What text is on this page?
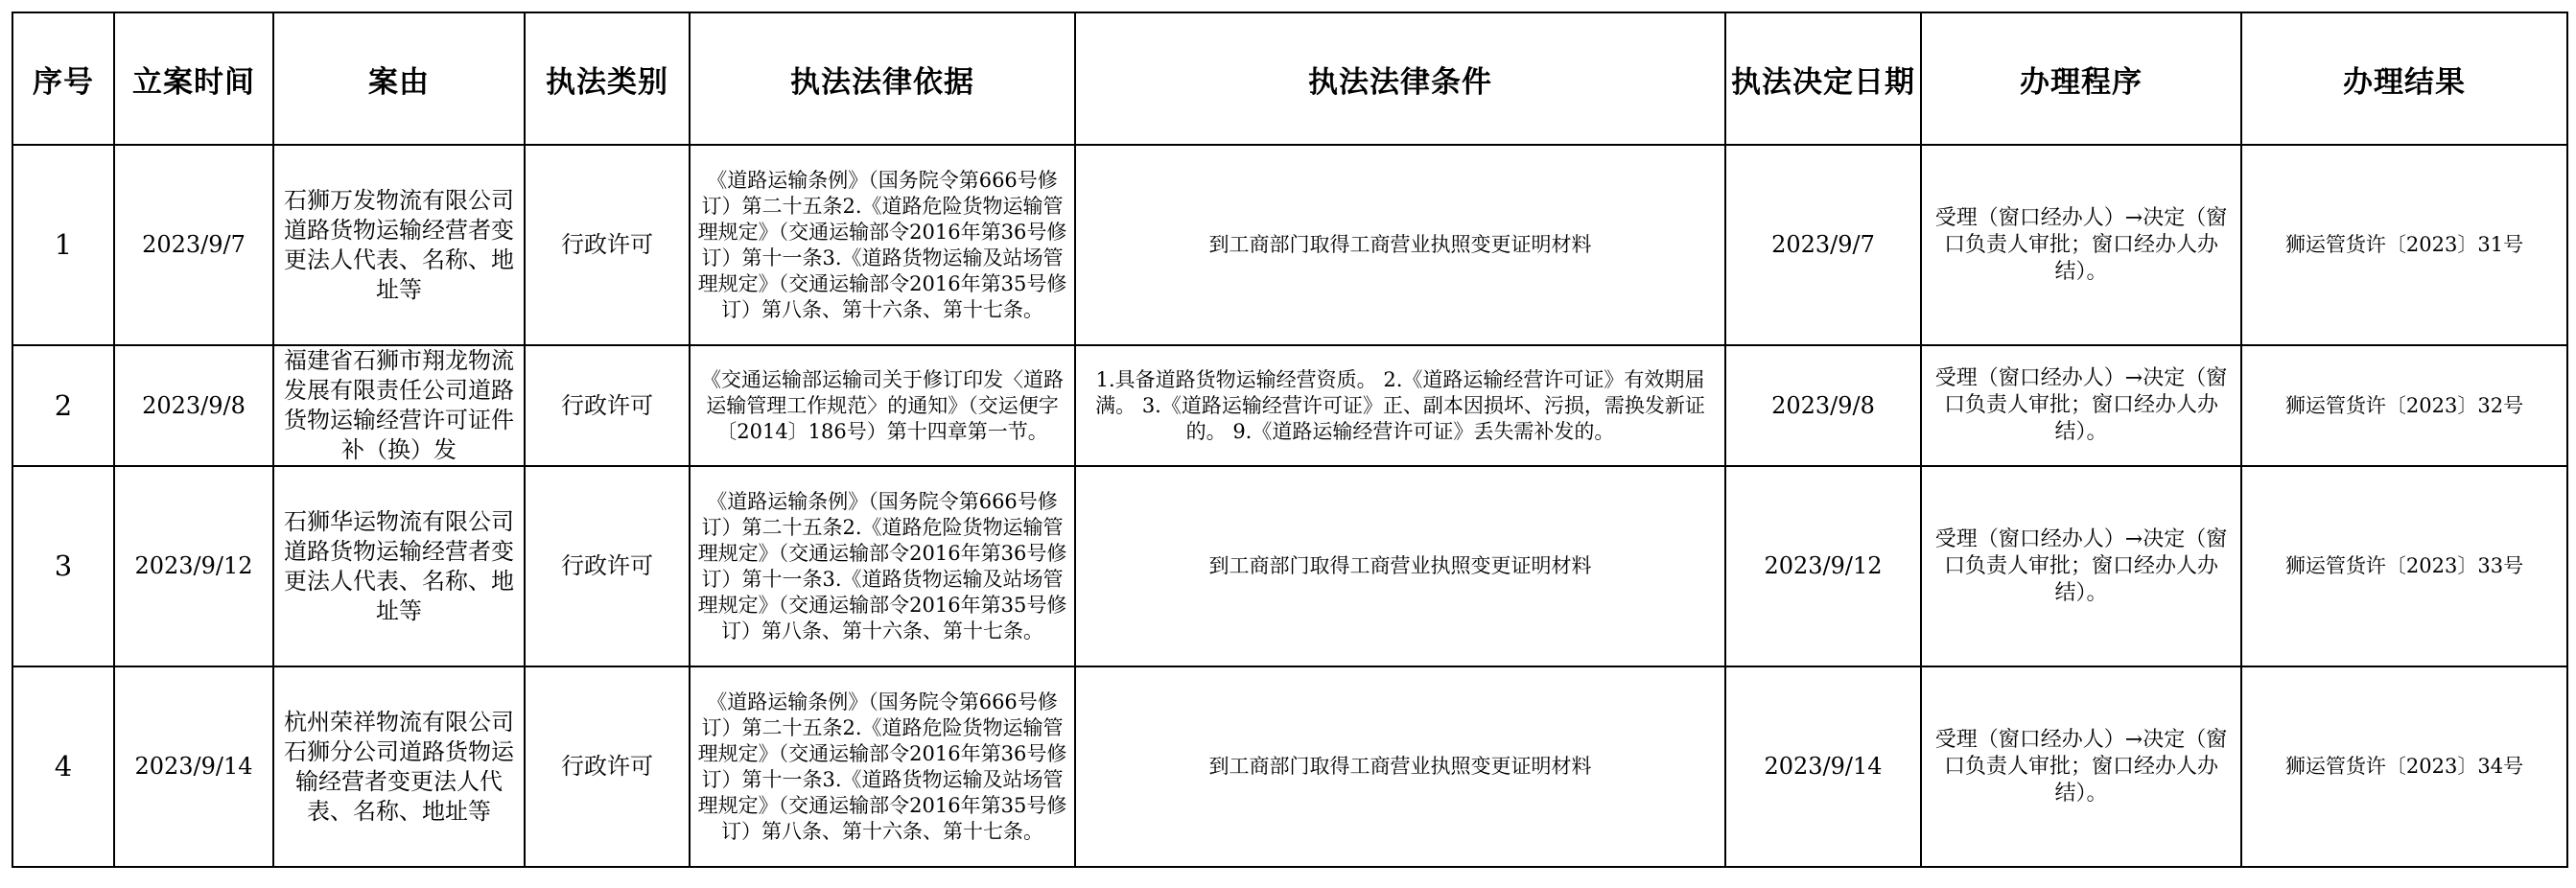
序号	立案时间	案由	执法类别	执法法律依据	执法法律条件	执法决定日期	办理程序	办理结果
1	2023/9/7	石狮万发物流有限公司道路货物运输经营者变更法人代表、名称、地址等	行政许可	《道路运输条例》（国务院令第666号修订）第二十五条2.《道路危险货物运输管理规定》（交通运输部令2016年第36号修订）第十一条3.《道路货物运输及站场管理规定》（交通运输部令2016年第35号修订）第八条、第十六条、第十七条。	到工商部门取得工商营业执照变更证明材料	2023/9/7	受理（窗口经办人）→决定（窗口负责人审批；窗口经办人办结）。	狮运管货许〔2023〕31号
2	2023/9/8	福建省石狮市翔龙物流发展有限责任公司道路货物运输经营许可证件补（换）发	行政许可	《交通运输部运输司关于修订印发〈道路运输管理工作规范〉的通知》（交运便字〔2014〕186号）第十四章第一节。	1.具备道路货物运输经营资质。 2.《道路运输经营许可证》有效期届满。 3.《道路运输经营许可证》正、副本因损坏、污损，需换发新证的。 9.《道路运输经营许可证》丢失需补发的。	2023/9/8	受理（窗口经办人）→决定（窗口负责人审批；窗口经办人办结）。	狮运管货许〔2023〕32号
3	2023/9/12	石狮华运物流有限公司道路货物运输经营者变更法人代表、名称、地址等	行政许可	《道路运输条例》（国务院令第666号修订）第二十五条2.《道路危险货物运输管理规定》（交通运输部令2016年第36号修订）第十一条3.《道路货物运输及站场管理规定》（交通运输部令2016年第35号修订）第八条、第十六条、第十七条。	到工商部门取得工商营业执照变更证明材料	2023/9/12	受理（窗口经办人）→决定（窗口负责人审批；窗口经办人办结）。	狮运管货许〔2023〕33号
4	2023/9/14	杭州荣祥物流有限公司石狮分公司道路货物运输经营者变更法人代表、名称、地址等	行政许可	《道路运输条例》（国务院令第666号修订）第二十五条2.《道路危险货物运输管理规定》（交通运输部令2016年第36号修订）第十一条3.《道路货物运输及站场管理规定》（交通运输部令2016年第35号修订）第八条、第十六条、第十七条。	到工商部门取得工商营业执照变更证明材料	2023/9/14	受理（窗口经办人）→决定（窗口负责人审批；窗口经办人办结）。	狮运管货许〔2023〕34号
